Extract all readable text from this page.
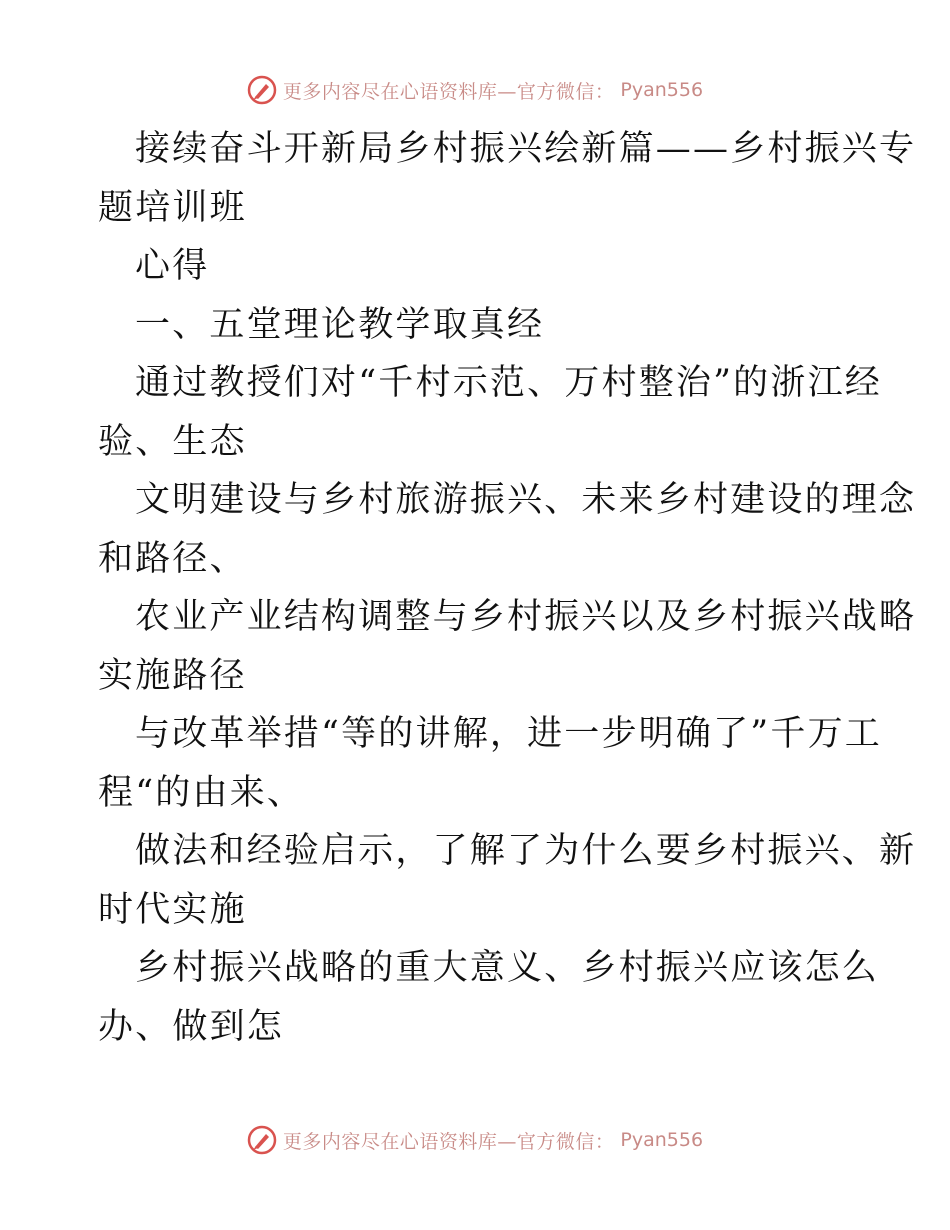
更多内容尽在心语资料库—官方微信： Pyan556

接续奋斗开新局乡村振兴绘新篇——乡村振兴专

题培训班

心得

一、五堂理论教学取真经

通过教授们对“千村示范、万村整治”的浙江经

验、生态

文明建设与乡村旅游振兴、未来乡村建设的理念

和路径、

农业产业结构调整与乡村振兴以及乡村振兴战略

实施路径

与改革举措“等的讲解，进一步明确了”千万工

程“的由来、

做法和经验启示，了解了为什么要乡村振兴、新

时代实施

乡村振兴战略的重大意义、乡村振兴应该怎么

办、做到怎

更多内容尽在心语资料库—官方微信： Pyan556
